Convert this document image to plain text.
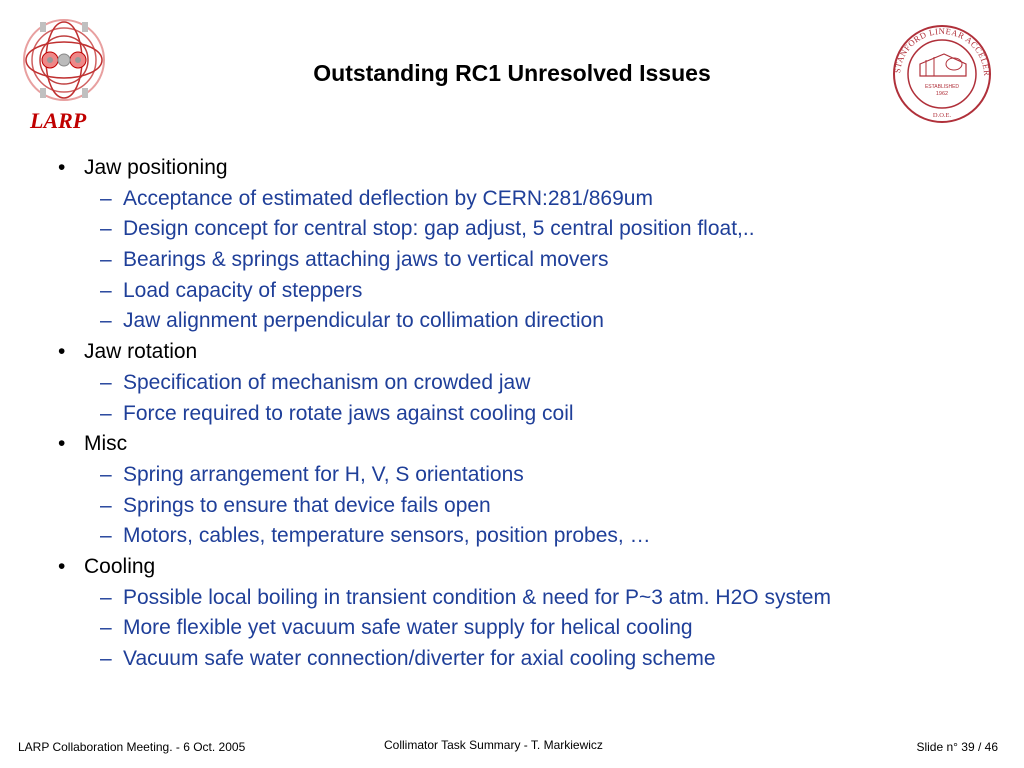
LARP
Outstanding RC1 Unresolved Issues	STANFORD LINEAR ACCELER
ESTABLISHED
1962
D.O.E.
• Jaw positioning
– Acceptance of estimated deflection by CERN:281/869um
– Design concept for central stop: gap adjust, 5 central position float,..
– Bearings & springs attaching jaws to vertical movers
– Load capacity of steppers
– Jaw alignment perpendicular to collimation direction
• Jaw rotation
– Specification of mechanism on crowded jaw
– Force required to rotate jaws against cooling coil
• Misc
– Spring arrangement for H, V, S orientations
– Springs to ensure that device fails open
– Motors, cables, temperature sensors, position probes, …
• Cooling
– Possible local boiling in transient condition & need for P~3 atm. H2O system
– More flexible yet vacuum safe water supply for helical cooling
– Vacuum safe water connection/diverter for axial cooling scheme
LARP Collaboration Meeting. - 6 Oct. 2005	Collimator Task Summary - T. Markiewicz	Slide n° 39 / 46
